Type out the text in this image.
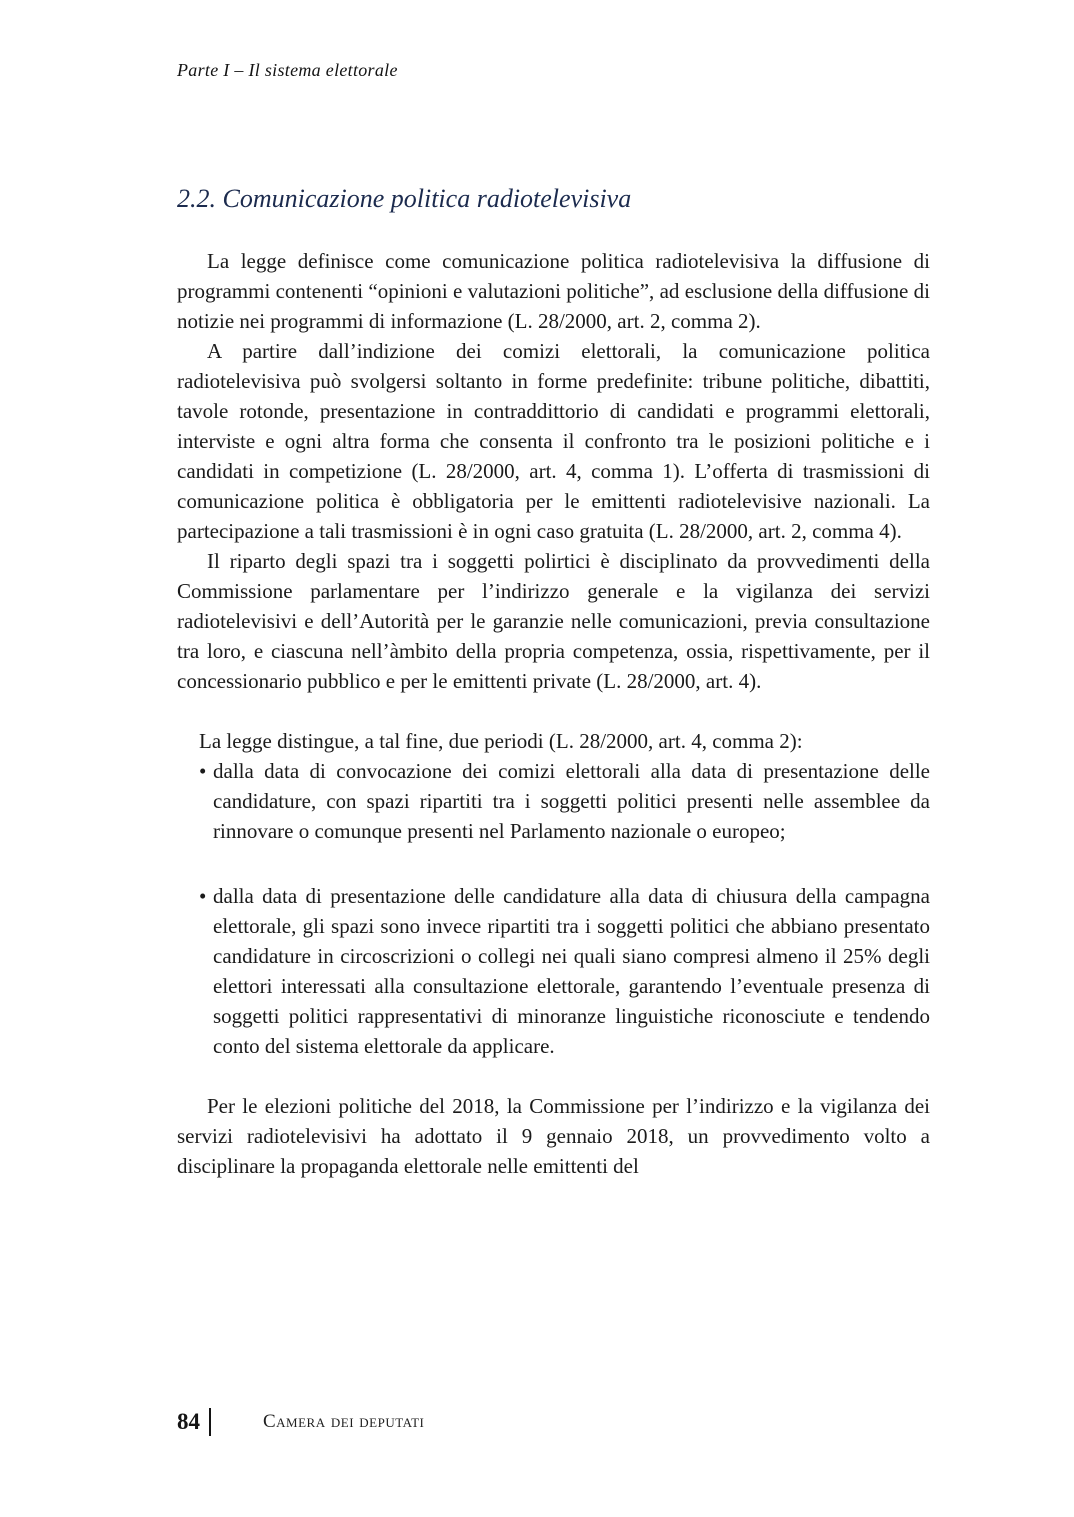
Parte I – Il sistema elettorale
2.2. Comunicazione politica radiotelevisiva

La legge definisce come comunicazione politica radiotelevisiva la diffusione di programmi contenenti “opinioni e valutazioni politiche”, ad esclusione della diffusione di notizie nei programmi di informazione (L. 28/2000, art. 2, comma 2).

A partire dall’indizione dei comizi elettorali, la comunicazione politica radiotelevisiva può svolgersi soltanto in forme predefinite: tribune politiche, dibattiti, tavole rotonde, presentazione in contraddittorio di candidati e programmi elettorali, interviste e ogni altra forma che consenta il confronto tra le posizioni politiche e i candidati in competizione (L. 28/2000, art. 4, comma 1). L’offerta di trasmissioni di comunicazione politica è obbligatoria per le emittenti radiotelevisive nazionali. La partecipazione a tali trasmissioni è in ogni caso gratuita (L. 28/2000, art. 2, comma 4).

Il riparto degli spazi tra i soggetti polirtici è disciplinato da provvedimenti della Commissione parlamentare per l’indirizzo generale e la vigilanza dei servizi radiotelevisivi e dell’Autorità per le garanzie nelle comunicazioni, previa consultazione tra loro, e ciascuna nell’àmbito della propria competenza, ossia, rispettivamente, per il concessionario pubblico e per le emittenti private (L. 28/2000, art. 4).

La legge distingue, a tal fine, due periodi (L. 28/2000, art. 4, comma 2):

• dalla data di convocazione dei comizi elettorali alla data di presentazione delle candidature, con spazi ripartiti tra i soggetti politici presenti nelle assemblee da rinnovare o comunque presenti nel Parlamento nazionale o europeo;
• dalla data di presentazione delle candidature alla data di chiusura della campagna elettorale, gli spazi sono invece ripartiti tra i soggetti politici che abbiano presentato candidature in circoscrizioni o collegi nei quali siano compresi almeno il 25% degli elettori interessati alla consultazione elettorale, garantendo l’eventuale presenza di soggetti politici rappresentativi di minoranze linguistiche riconosciute e tendendo conto del sistema elettorale da applicare.

Per le elezioni politiche del 2018, la Commissione per l’indirizzo e la vigilanza dei servizi radiotelevisivi ha adottato il 9 gennaio 2018, un provvedimento volto a disciplinare la propaganda elettorale nelle emittenti del

84	Camera dei deputati
